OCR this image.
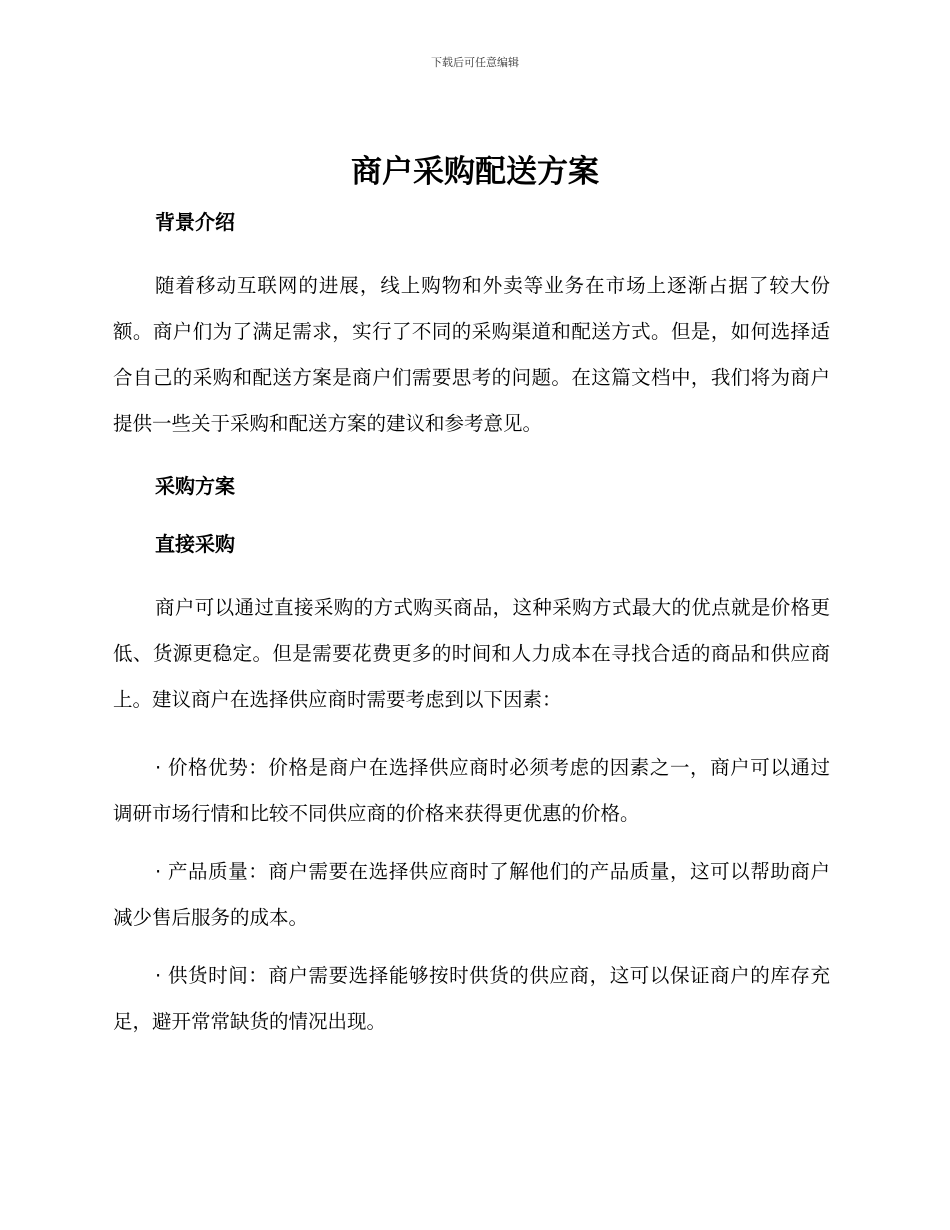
下载后可任意编辑
商户采购配送方案
背景介绍

随着移动互联网的进展，线上购物和外卖等业务在市场上逐渐占据了较大份额。商户们为了满足需求，实行了不同的采购渠道和配送方式。但是，如何选择适合自己的采购和配送方案是商户们需要思考的问题。在这篇文档中，我们将为商户提供一些关于采购和配送方案的建议和参考意见。

采购方案
直接采购

商户可以通过直接采购的方式购买商品，这种采购方式最大的优点就是价格更低、货源更稳定。但是需要花费更多的时间和人力成本在寻找合适的商品和供应商上。建议商户在选择供应商时需要考虑到以下因素：

· 价格优势：价格是商户在选择供应商时必须考虑的因素之一，商户可以通过调研市场行情和比较不同供应商的价格来获得更优惠的价格。

· 产品质量：商户需要在选择供应商时了解他们的产品质量，这可以帮助商户减少售后服务的成本。

· 供货时间：商户需要选择能够按时供货的供应商，这可以保证商户的库存充足，避开常常缺货的情况出现。
